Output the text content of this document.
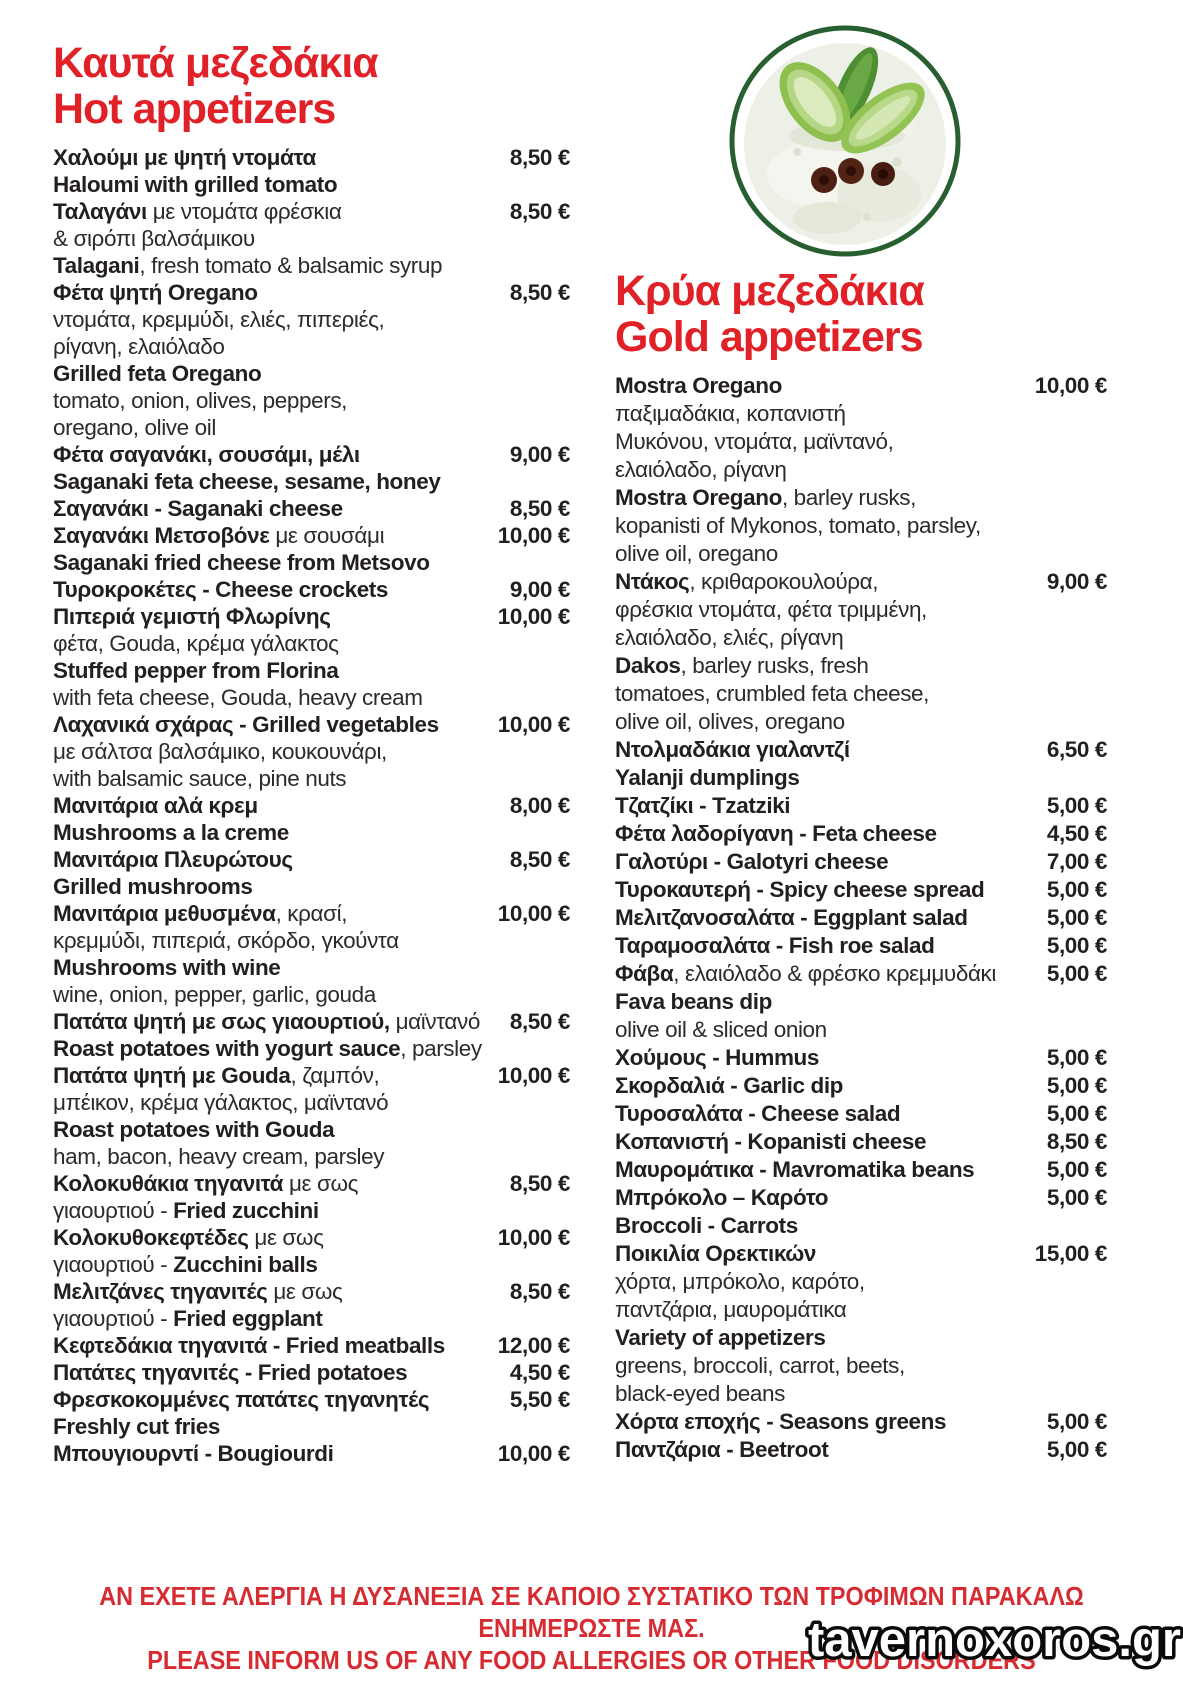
Καυτά μεζεδάκια
Hot appetizers
Χαλούμι με ψητή ντομάτα	8,50 €
Haloumi with grilled tomato
Ταλαγάνι με ντομάτα φρέσκια	8,50 €
& σιρόπι βαλσάμικου
Talagani, fresh tomato & balsamic syrup
Φέτα ψητή Oregano	8,50 €
ντομάτα, κρεμμύδι, ελιές, πιπεριές,
ρίγανη, ελαιόλαδο
Grilled feta Oregano
tomato, onion, olives, peppers,
oregano, olive oil
Φέτα σαγανάκι, σουσάμι, μέλι	9,00 €
Saganaki feta cheese, sesame, honey
Σαγανάκι - Saganaki cheese	8,50 €
Σαγανάκι Μετσοβόνε με σουσάμι	10,00 €
Saganaki fried cheese from Metsovo
Τυροκροκέτες - Cheese crockets	9,00 €
Πιπεριά γεμιστή Φλωρίνης	10,00 €
φέτα, Gouda, κρέμα γάλακτος
Stuffed pepper from Florina
with feta cheese, Gouda, heavy cream
Λαχανικά σχάρας - Grilled vegetables	10,00 €
με σάλτσα βαλσάμικο, κουκουνάρι,
with balsamic sauce, pine nuts
Μανιτάρια αλά κρεμ	8,00 €
Mushrooms a la creme
Μανιτάρια Πλευρώτους	8,50 €
Grilled mushrooms
Μανιτάρια μεθυσμένα, κρασί,	10,00 €
κρεμμύδι, πιπεριά, σκόρδο, γκούντα
Mushrooms with wine
wine, onion, pepper, garlic, gouda
Πατάτα ψητή με σως γιαουρτιού, μαϊντανό 8,50 €
Roast potatoes with yogurt sauce, parsley
Πατάτα ψητή με Gouda, ζαμπόν,	10,00 €
μπέικον, κρέμα γάλακτος, μαϊντανό
Roast potatoes with Gouda
ham, bacon, heavy cream, parsley
Κολοκυθάκια τηγανιτά με σως	8,50 €
γιαουρτιού - Fried zucchini
Κολοκυθοκεφτέδες με σως	10,00 €
γιαουρτιού - Zucchini balls
Μελιτζάνες τηγανιτές με σως	8,50 €
γιαουρτιού - Fried eggplant
Κεφτεδάκια τηγανιτά - Fried meatballs 12,00 €
Πατάτες τηγανιτές - Fried potatoes	4,50 €
Φρεσκοκομμένες πατάτες τηγανητές	5,50 €
Freshly cut fries
Μπουγιουρντί - Bougiourdi	10,00 €
Κρύα μεζεδάκια
Gold appetizers
Mostra Oregano	10,00 €
παξιμαδάκια, κοπανιστή
Μυκόνου, ντομάτα, μαϊντανό,
ελαιόλαδο, ρίγανη
Mostra Oregano, barley rusks,
kopanisti of Mykonos, tomato, parsley,
olive oil, oregano
Ντάκος, κριθαροκουλούρα,	9,00 €
φρέσκια ντομάτα, φέτα τριμμένη,
ελαιόλαδο, ελιές, ρίγανη
Dakos, barley rusks, fresh
tomatoes, crumbled feta cheese,
olive oil, olives, oregano
Ντολμαδάκια γιαλαντζί	6,50 €
Yalanji dumplings
Τζατζίκι - Tzatziki	5,00 €
Φέτα λαδορίγανη - Feta cheese	4,50 €
Γαλοτύρι - Galotyri cheese	7,00 €
Τυροκαυτερή - Spicy cheese spread	5,00 €
Μελιτζανοσαλάτα - Eggplant salad	5,00 €
Ταραμοσαλάτα - Fish roe salad	5,00 €
Φάβα, ελαιόλαδο & φρέσκο κρεμμυδάκι 5,00 €
Fava beans dip
olive oil & sliced onion
Χούμους - Hummus	5,00 €
Σκορδαλιά - Garlic dip	5,00 €
Τυροσαλάτα - Cheese salad	5,00 €
Κοπανιστή - Kopanisti cheese	8,50 €
Μαυρομάτικα - Mavromatika beans	5,00 €
Μπρόκολο – Καρότο	5,00 €
Broccoli - Carrots
Ποικιλία Ορεκτικών	15,00 €
χόρτα, μπρόκολο, καρότο,
παντζάρια, μαυρομάτικα
Variety of appetizers
greens, broccoli, carrot, beets,
black-eyed beans
Χόρτα εποχής - Seasons greens	5,00 €
Παντζάρια - Beetroot	5,00 €
ΑΝ ΕΧΕΤΕ ΑΛΕΡΓΙΑ Η ΔΥΣΑΝΕΞΙΑ ΣΕ ΚΑΠΟΙΟ ΣΥΣΤΑΤΙΚΟ ΤΩΝ ΤΡΟΦΙΜΩΝ ΠΑΡΑΚΑΛΩ ΕΝΗΜΕΡΩΣΤΕ ΜΑΣ.
PLEASE INFORM US OF ANY FOOD ALLERGIES OR OTHER FOOD DISORDERS
tavernoxoros.gr
